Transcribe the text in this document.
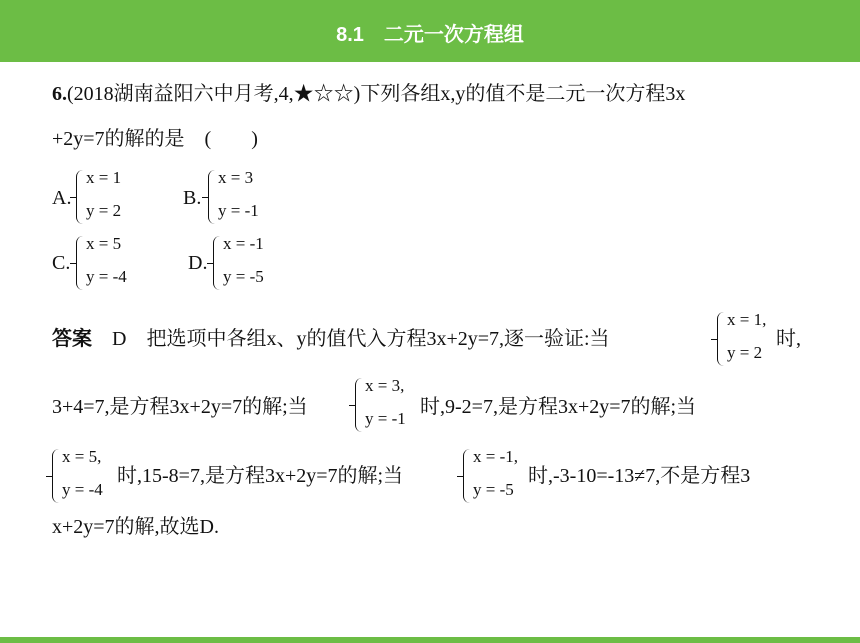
8.1　二元一次方程组
6.(2018湖南益阳六中月考,4,★☆☆)下列各组x,y的值不是二元一次方程3x
+2y=7的解的是　(　　)
A.
x = 1
y = 2
B.
x = 3
y = -1
C.
x = 5
y = -4
D.
x = -1
y = -5
答案　 D　把选项中各组x、y的值代入方程3x+2y=7,逐一验证:当
x = 1,
y = 2
时,
3+4=7,是方程3x+2y=7的解;当
x = 3,
y = -1
时,9-2=7,是方程3x+2y=7的解;当
x = 5,
y = -4
时,15-8=7,是方程3x+2y=7的解;当
x = -1,
y = -5
时,-3-10=-13≠7,不是方程3
x+2y=7的解,故选D.
